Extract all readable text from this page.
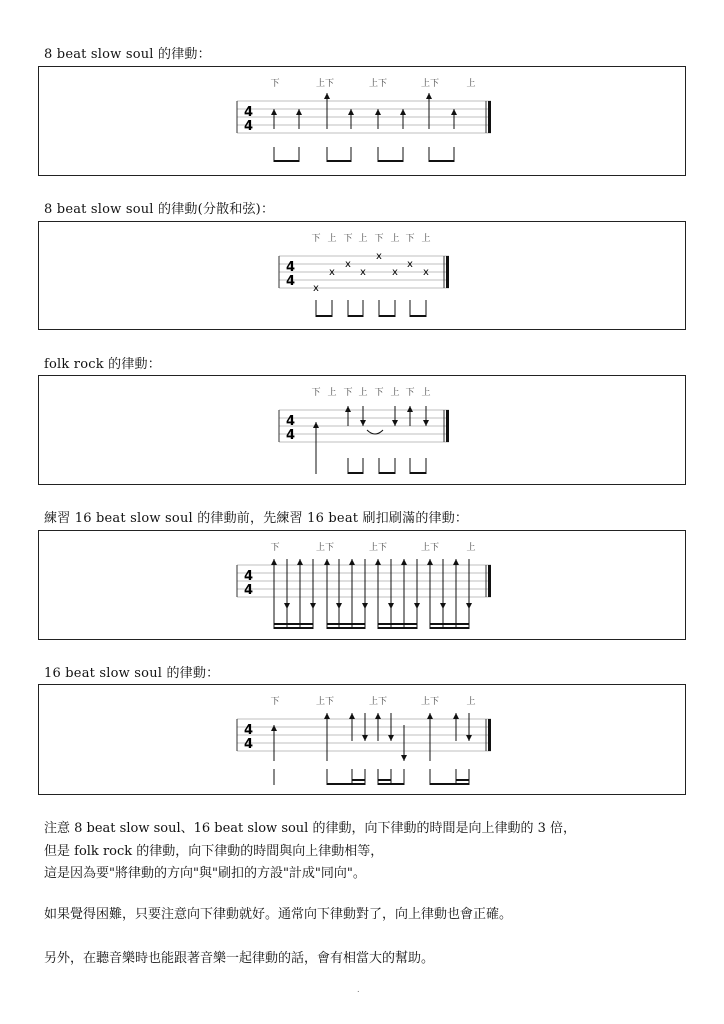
8 beat slow soul 的律動：
4
4
下	上下	上下	上下	上
8 beat slow soul 的律動(分散和弦)：
4
4
下 上 下 上 下 上 下 上
x
x
x
x
x
x
x
x
folk rock 的律動：
4
4
下 上 下 上 下 上 下 上
練習 16 beat slow soul 的律動前，先練習 16 beat 刷扣刷滿的律動：
4
4
下	上下	上下	上下	上
16 beat slow soul 的律動：
4
4
下	上下	上下	上下	上
注意 8 beat slow soul、16 beat slow soul 的律動，向下律動的時間是向上律動的 3 倍，
但是 folk rock 的律動，向下律動的時間與向上律動相等，
這是因為要"將律動的方向"與"刷扣的方設"計成"同向"。
如果覺得困難，只要注意向下律動就好。通常向下律動對了，向上律動也會正確。
另外，在聽音樂時也能跟著音樂一起律動的話，會有相當大的幫助。
.
